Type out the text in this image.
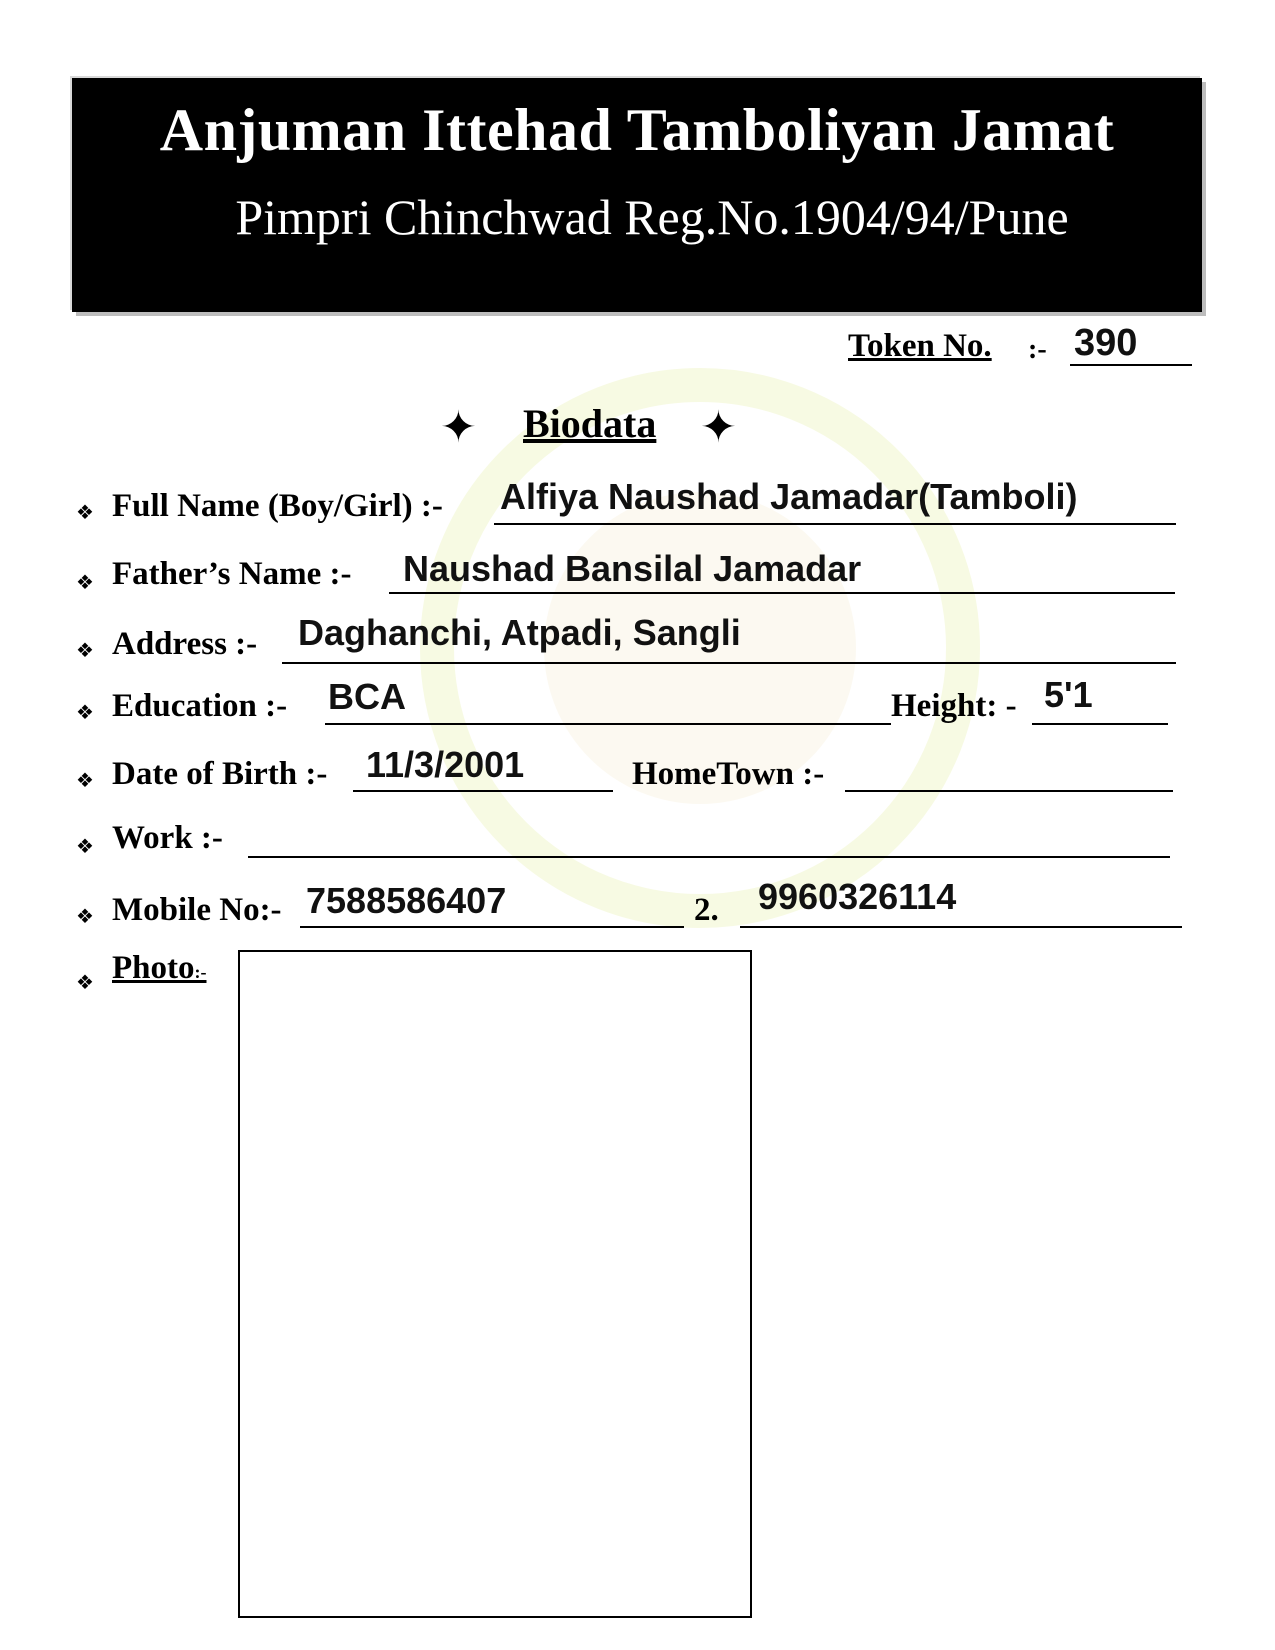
Anjuman Ittehad Tamboliyan Jamat
Pimpri Chinchwad Reg.No.1904/94/Pune
Token No. :- 390
✦ Biodata ✦
❖ Full Name (Boy/Girl) :- Alfiya Naushad Jamadar(Tamboli)
❖ Father’s Name :- Naushad Bansilal Jamadar
❖ Address :- Daghanchi, Atpadi, Sangli
❖ Education :- BCA	Height: - 5'1
❖ Date of Birth :- 11/3/2001	HomeTown :-
❖ Work :-
❖ Mobile No:- 7588586407	2. 9960326114
❖ Photo:-
